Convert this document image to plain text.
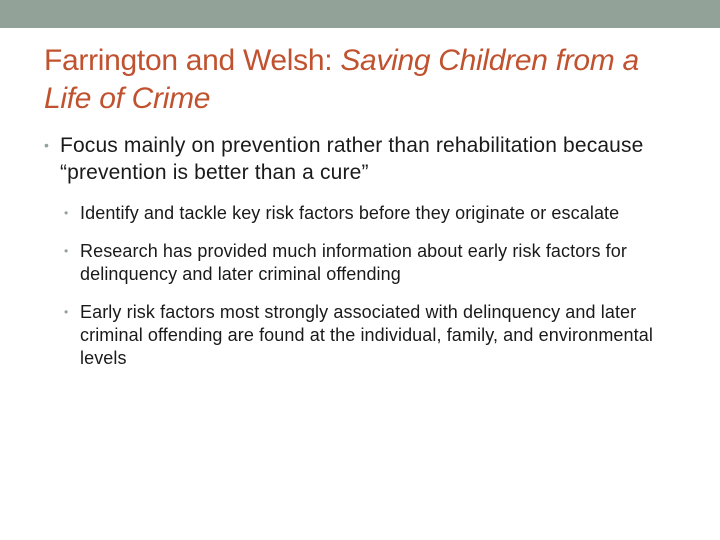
Farrington and Welsh: Saving Children from a Life of Crime
• Focus mainly on prevention rather than rehabilitation because “prevention is better than a cure”
• Identify and tackle key risk factors before they originate or escalate
• Research has provided much information about early risk factors for delinquency and later criminal offending
• Early risk factors most strongly associated with delinquency and later criminal offending are found at the individual, family, and environmental levels
